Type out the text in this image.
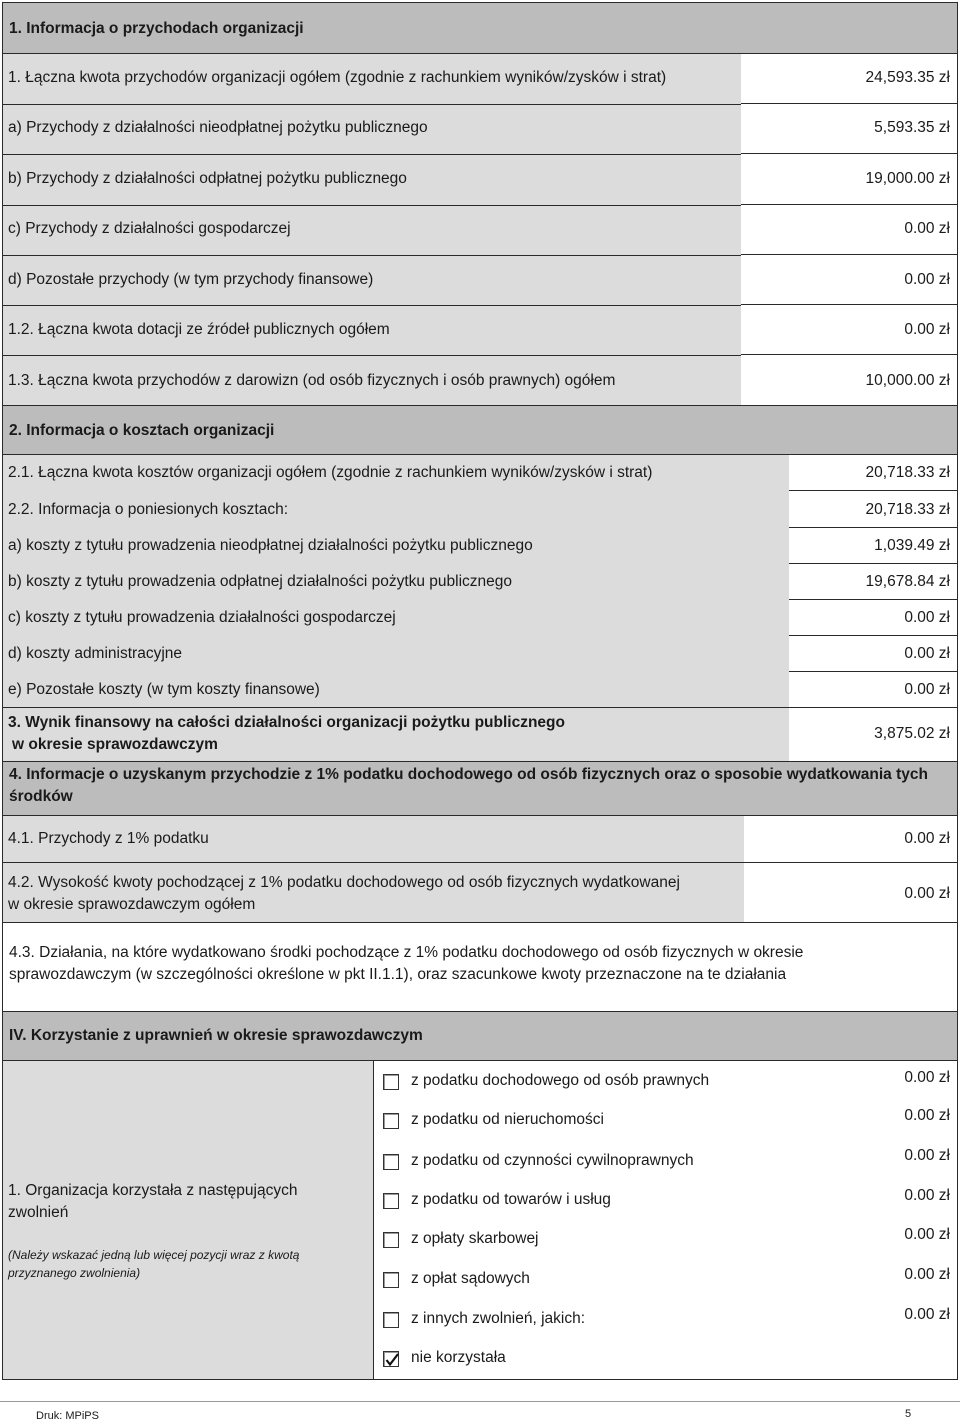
1. Informacja o przychodach organizacji
1. Łączna kwota przychodów organizacji ogółem (zgodnie z rachunkiem wyników/zysków i strat)	24,593.35 zł
a) Przychody z działalności nieodpłatnej pożytku publicznego	5,593.35 zł
b) Przychody z działalności odpłatnej pożytku publicznego	19,000.00 zł
c) Przychody z działalności gospodarczej	0.00 zł
d) Pozostałe przychody (w tym przychody finansowe)	0.00 zł
1.2. Łączna kwota dotacji ze źródeł publicznych ogółem	0.00 zł
1.3. Łączna kwota przychodów z darowizn (od osób fizycznych i osób prawnych) ogółem	10,000.00 zł
2. Informacja o kosztach organizacji
2.1. Łączna kwota kosztów organizacji ogółem (zgodnie z rachunkiem wyników/zysków i strat)	20,718.33 zł
2.2. Informacja o poniesionych kosztach:	20,718.33 zł
a) koszty z tytułu prowadzenia nieodpłatnej działalności pożytku publicznego	1,039.49 zł
b) koszty z tytułu prowadzenia odpłatnej działalności pożytku publicznego	19,678.84 zł
c) koszty z tytułu prowadzenia działalności gospodarczej	0.00 zł
d) koszty administracyjne	0.00 zł
e) Pozostałe koszty (w tym koszty finansowe)	0.00 zł
3. Wynik finansowy na całości działalności organizacji pożytku publicznego
w okresie sprawozdawczym
3,875.02 zł
4. Informacje o uzyskanym przychodzie z 1% podatku dochodowego od osób fizycznych oraz o sposobie wydatkowania tych
środków
4.1. Przychody z 1% podatku	0.00 zł
4.2. Wysokość kwoty pochodzącej z 1% podatku dochodowego od osób fizycznych wydatkowanej
w okresie sprawozdawczym ogółem
0.00 zł
4.3. Działania, na które wydatkowano środki pochodzące z 1% podatku dochodowego od osób fizycznych w okresie
sprawozdawczym (w szczególności określone w pkt II.1.1), oraz szacunkowe kwoty przeznaczone na te działania
IV. Korzystanie z uprawnień w okresie sprawozdawczym
1. Organizacja korzystała z następujących
zwolnień
(Należy wskazać jedną lub więcej pozycji wraz z kwotą
przyznanego zwolnienia)
z podatku dochodowego od osób prawnych	0.00 zł
z podatku od nieruchomości	0.00 zł
z podatku od czynności cywilnoprawnych	0.00 zł
z podatku od towarów i usług	0.00 zł
z opłaty skarbowej	0.00 zł
z opłat sądowych	0.00 zł
z innych zwolnień, jakich:	0.00 zł
nie korzystała
Druk: MPiPS	5
